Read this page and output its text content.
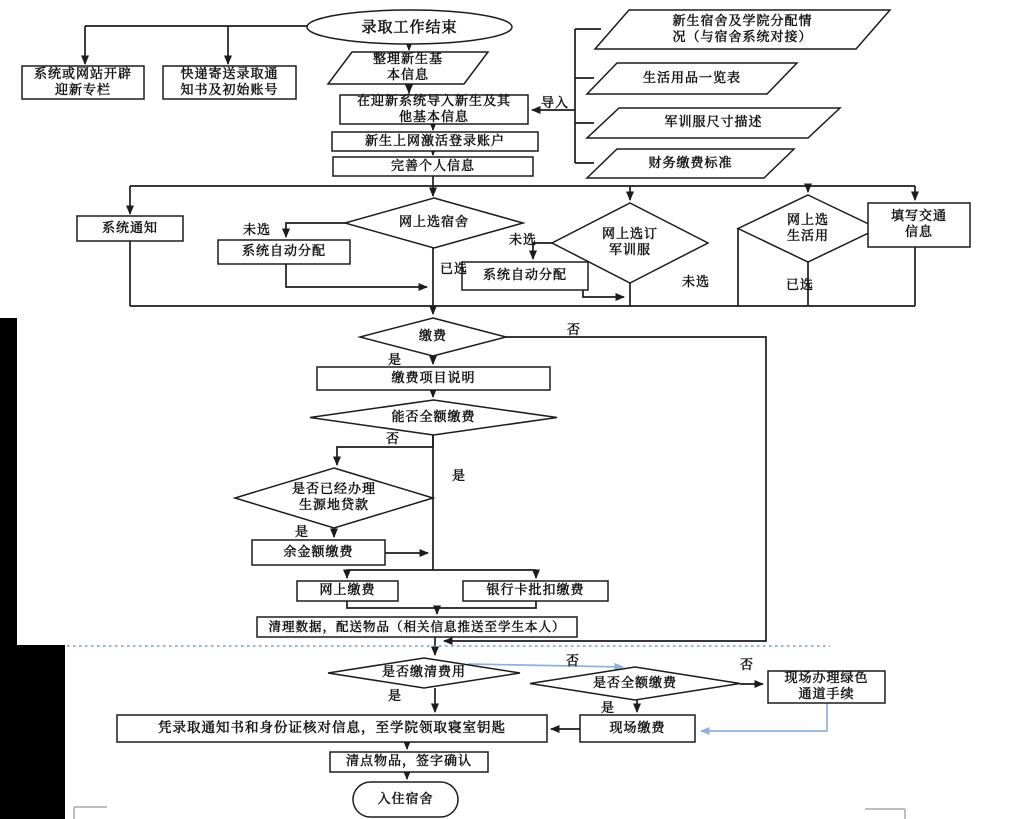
录取工作结束
系统或网站开辟
迎新专栏
快递寄送录取通
知书及初始账号
整理新生基
本信息
在迎新系统导入新生及其
他基本信息
新生上网激活登录账户
完善个人信息
新生宿舍及学院分配情
况（与宿舍系统对接）
生活用品一览表
军训服尺寸描述
财务缴费标准
系统通知
系统自动分配
网上选宿舍
系统自动分配
网上选订
军训服
网上选
生活用
填写交通
信息
缴费
缴费项目说明
能否全额缴费
是否已经办理
生源地贷款
余金额缴费
网上缴费	银行卡批扣缴费
清理数据，配送物品（相关信息推送至学生本人）
是否缴清费用
是否全额缴费	现场办理绿色
通道手续
现场缴费
凭录取通知书和身份证核对信息，至学院领取寝室钥匙
清点物品，签字确认
入住宿舍
导入
未选
已选
未选
未选	已选
否
是
否
是
是
否
是
否
是
